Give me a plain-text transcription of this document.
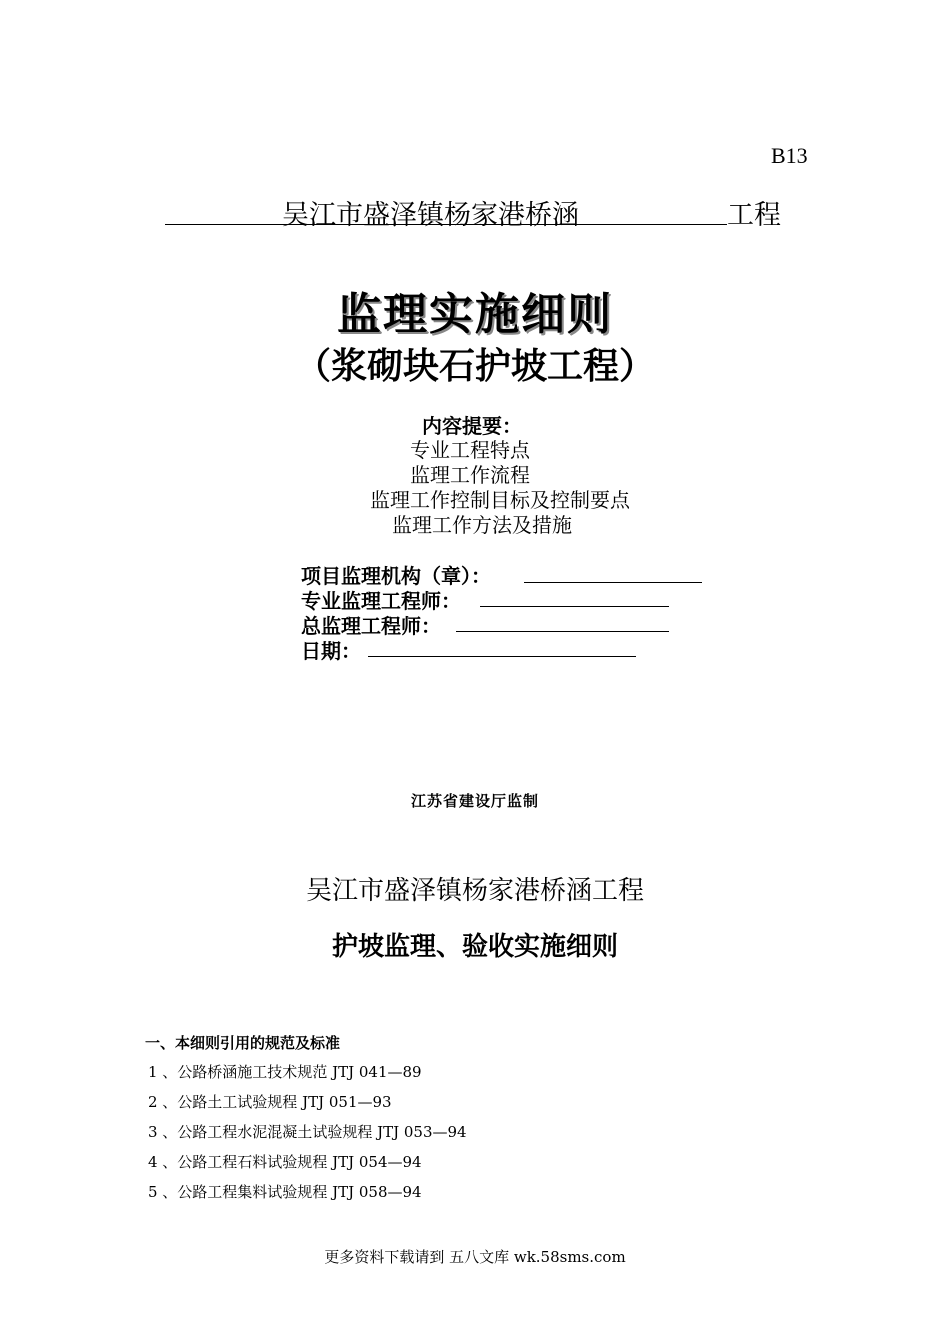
B13
吴江市盛泽镇杨家港桥涵	工程
监理实施细则
（浆砌块石护坡工程）
内容提要：
专业工程特点
监理工作流程
监理工作控制目标及控制要点
监理工作方法及措施
项目监理机构（章）：
专业监理工程师：
总监理工程师：
日期：
江苏省建设厅监制
吴江市盛泽镇杨家港桥涵工程
护坡监理、验收实施细则
一、本细则引用的规范及标准
1 、公路桥涵施工技术规范 JTJ 041—89
2 、公路土工试验规程 JTJ 051—93
3 、公路工程水泥混凝土试验规程 JTJ 053—94
4 、公路工程石料试验规程 JTJ 054—94
5 、公路工程集料试验规程 JTJ 058—94
更多资料下载请到 五八文库 wk.58sms.com
